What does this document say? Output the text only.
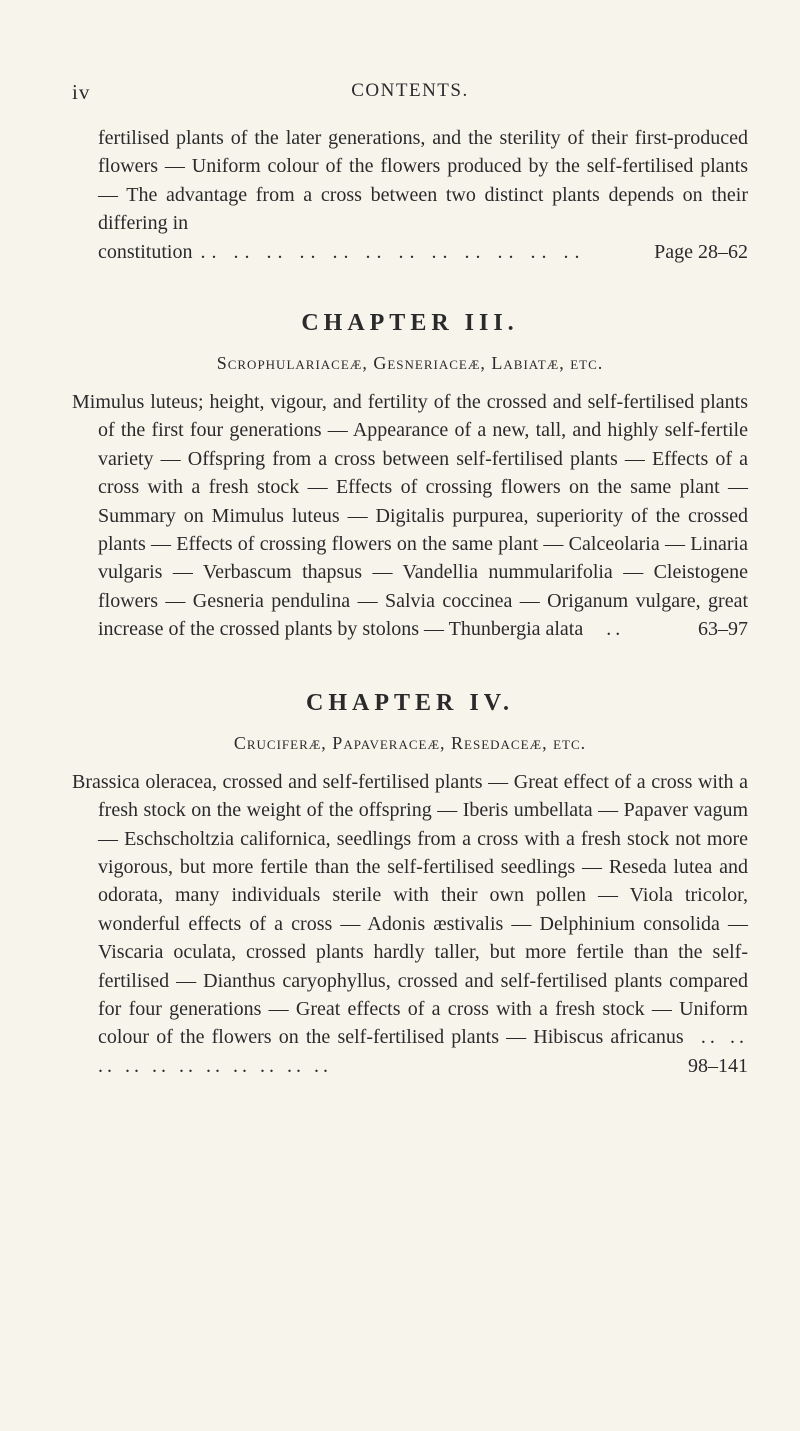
iv	CONTENTS.
fertilised plants of the later generations, and the sterility of their first-produced flowers — Uniform colour of the flowers produced by the self-fertilised plants — The advantage from a cross between two distinct plants depends on their differing in
constitution .. .. .. .. .. .. .. .. .. .. .. ..	Page 28–62
CHAPTER III.
Scrophulariaceæ, Gesneriaceæ, Labiatæ, etc.
Mimulus luteus; height, vigour, and fertility of the crossed and self-fertilised plants of the first four generations — Appearance of a new, tall, and highly self-fertile variety — Offspring from a cross between self-fertilised plants — Effects of a cross with a fresh stock — Effects of crossing flowers on the same plant — Summary on Mimulus luteus — Digitalis purpurea, superiority of the crossed plants — Effects of crossing flowers on the same plant — Calceolaria — Linaria vulgaris — Verbascum thapsus — Vandellia nummularifolia — Cleistogene flowers — Gesneria pendulina — Salvia coccinea — Origanum vulgare, great increase of the crossed plants by stolons — Thunbergia alata ..	63–97
CHAPTER IV.
Cruciferæ, Papaveraceæ, Resedaceæ, etc.
Brassica oleracea, crossed and self-fertilised plants — Great effect of a cross with a fresh stock on the weight of the offspring — Iberis umbellata — Papaver vagum — Eschscholtzia californica, seedlings from a cross with a fresh stock not more vigorous, but more fertile than the self-fertilised seedlings — Reseda lutea and odorata, many individuals sterile with their own pollen — Viola tricolor, wonderful effects of a cross — Adonis æstivalis — Delphinium consolida — Viscaria oculata, crossed plants hardly taller, but more fertile than the self-fertilised — Dianthus caryophyllus, crossed and self-fertilised plants compared for four generations — Great effects of a cross with a fresh stock — Uniform colour of the flowers on the self-fertilised plants — Hibiscus africanus .. .. .. .. .. .. .. .. .. .. ..	98–141
